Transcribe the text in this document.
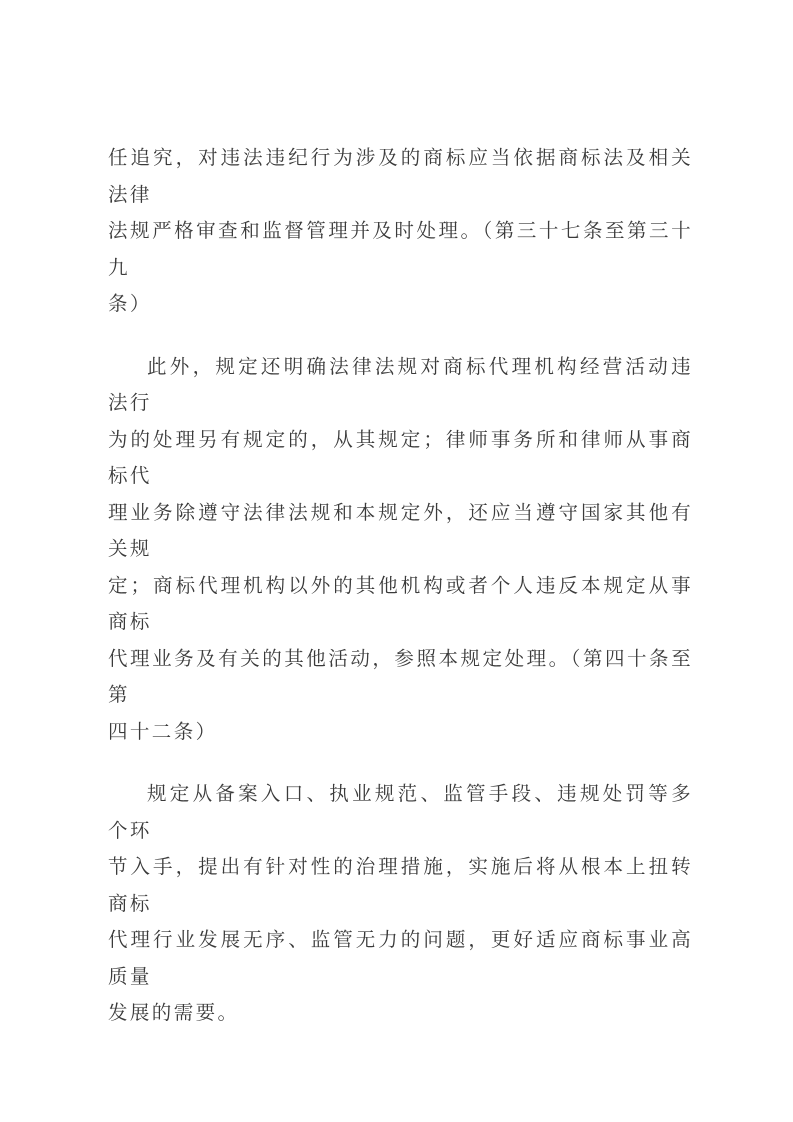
任追究，对违法违纪行为涉及的商标应当依据商标法及相关法律
法规严格审查和监督管理并及时处理。（第三十七条至第三十九
条）

此外，规定还明确法律法规对商标代理机构经营活动违法行
为的处理另有规定的，从其规定；律师事务所和律师从事商标代
理业务除遵守法律法规和本规定外，还应当遵守国家其他有关规
定；商标代理机构以外的其他机构或者个人违反本规定从事商标
代理业务及有关的其他活动，参照本规定处理。（第四十条至第
四十二条）

规定从备案入口、执业规范、监管手段、违规处罚等多个环
节入手，提出有针对性的治理措施，实施后将从根本上扭转商标
代理行业发展无序、监管无力的问题，更好适应商标事业高质量
发展的需要。
